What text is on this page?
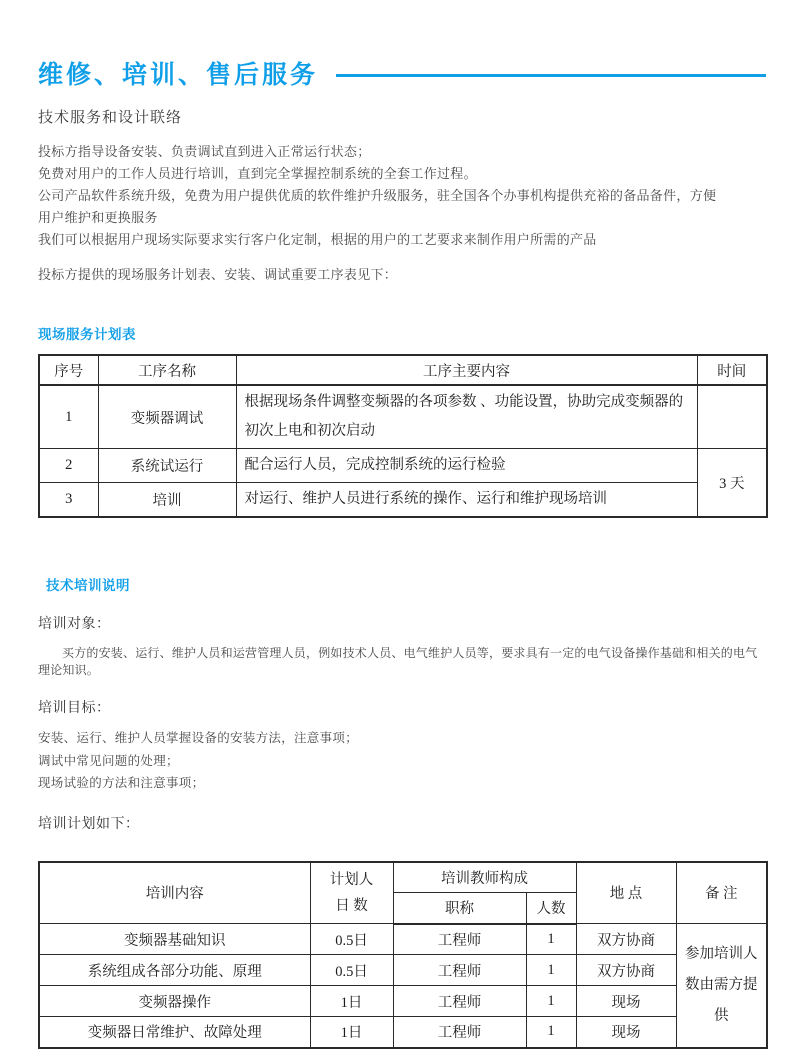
维修、培训、售后服务
技术服务和设计联络
投标方指导设备安装、负责调试直到进入正常运行状态；
免费对用户的工作人员进行培训，直到完全掌握控制系统的全套工作过程。
公司产品软件系统升级，免费为用户提供优质的软件维护升级服务，驻全国各个办事机构提供充裕的备品备件，方便
用户维护和更换服务
我们可以根据用户现场实际要求实行客户化定制，根据的用户的工艺要求来制作用户所需的产品
投标方提供的现场服务计划表、安装、调试重要工序表见下：
现场服务计划表
序号	工序名称	工序主要内容	时间
1	变频器调试	根据现场条件调整变频器的各项参数 、功能设置，协助完成变频器的初次上电和初次启动	
2	系统试运行	配合运行人员，完成控制系统的运行检验	3 天
3	培训	对运行、维护人员进行系统的操作、运行和维护现场培训	
技术培训说明
培训对象：
买方的安装、运行、维护人员和运营管理人员，例如技术人员、电气维护人员等，要求具有一定的电气设备操作基础和相关的电气理论知识。
培训目标：
安装、运行、维护人员掌握设备的安装方法，注意事项；
调试中常见问题的处理；
现场试验的方法和注意事项；
培训计划如下：
培训内容	计划人
日 数	培训教师构成		地 点	备 注
		职称	人数		
变频器基础知识	0.5日	工程师	1	双方协商	参加培训人数由需方提供
系统组成各部分功能、原理	0.5日	工程师	1	双方协商	
变频器操作	1日	工程师	1	现场	
变频器日常维护、故障处理	1日	工程师	1	现场	
